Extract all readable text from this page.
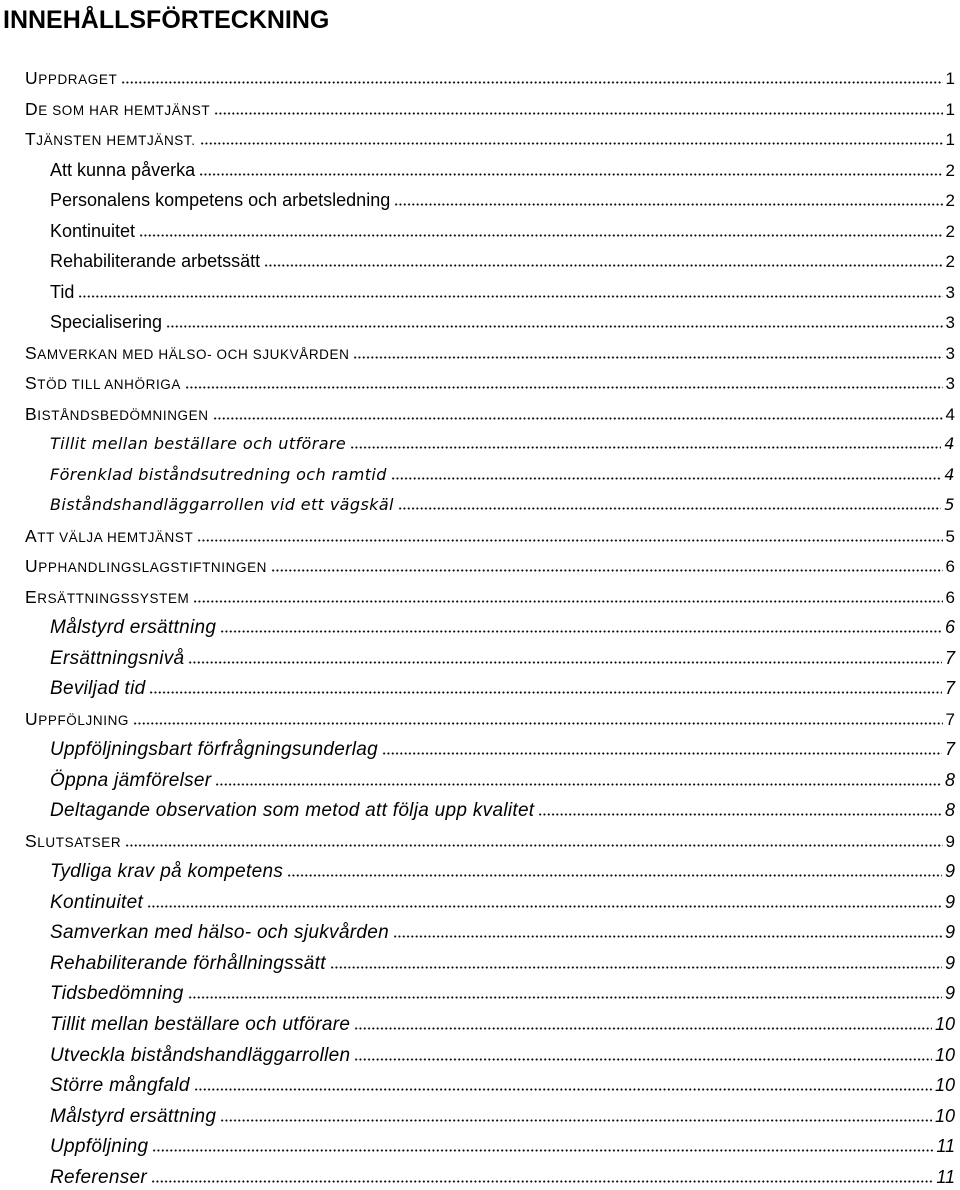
INNEHÅLLSFÖRTECKNING
UPPDRAGET	1
DE SOM HAR HEMTJÄNST	1
TJÄNSTEN HEMTJÄNST.	1
Att kunna påverka	2
Personalens kompetens och arbetsledning	2
Kontinuitet	2
Rehabiliterande arbetssätt	2
Tid	3
Specialisering	3
SAMVERKAN MED HÄLSO- OCH SJUKVÅRDEN	3
STÖD TILL ANHÖRIGA	3
BISTÅNDSBEDÖMNINGEN	4
Tillit mellan beställare och utförare	4
Förenklad biståndsutredning och ramtid	4
Biståndshandläggarrollen vid ett vägskäl	5
ATT VÄLJA HEMTJÄNST	5
UPPHANDLINGSLAGSTIFTNINGEN	6
ERSÄTTNINGSSYSTEM	6
Målstyrd ersättning	6
Ersättningsnivå	7
Beviljad tid	7
UPPFÖLJNING	7
Uppföljningsbart förfrågningsunderlag	7
Öppna jämförelser	8
Deltagande observation som metod att följa upp kvalitet	8
SLUTSATSER	9
Tydliga krav på kompetens	9
Kontinuitet	9
Samverkan med hälso- och sjukvården	9
Rehabiliterande förhållningssätt	9
Tidsbedömning	9
Tillit mellan beställare och utförare	10
Utveckla biståndshandläggarrollen	10
Större mångfald	10
Målstyrd ersättning	10
Uppföljning	11
Referenser	11
